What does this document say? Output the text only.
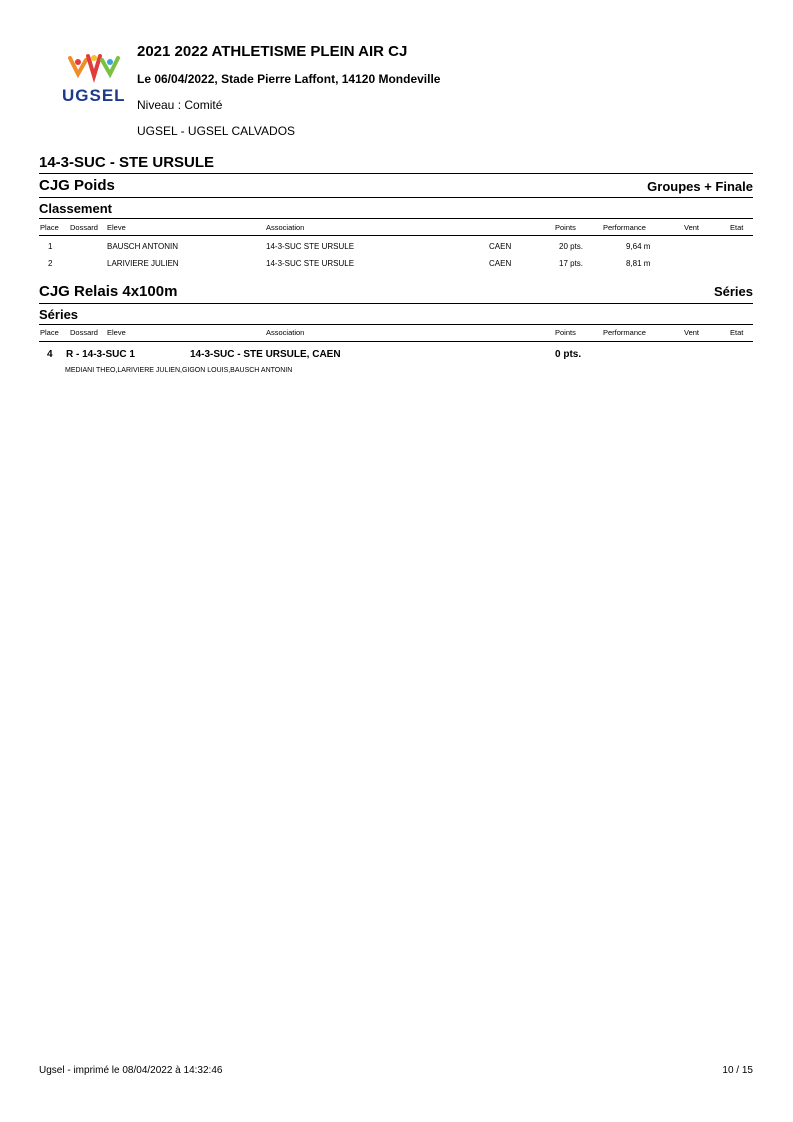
UGSEL
2021 2022 ATHLETISME PLEIN AIR CJ
Le 06/04/2022, Stade Pierre Laffont, 14120 Mondeville
Niveau : Comité
UGSEL - UGSEL CALVADOS
14-3-SUC - STE URSULE
CJG Poids	Groupes + Finale
Classement
Place Dossard Eleve	Association	Points	Performance	Vent	Etat
1	BAUSCH ANTONIN	14-3-SUC STE URSULE	CAEN	20 pts.	9,64 m
2	LARIVIERE JULIEN	14-3-SUC STE URSULE	CAEN	17 pts.	8,81 m
CJG Relais 4x100m	Séries
Séries
Place Dossard Eleve	Association	Points	Performance	Vent	Etat
4 R - 14-3-SUC 1	14-3-SUC - STE URSULE, CAEN	0 pts.
MEDIANI THEO,LARIVIERE JULIEN,GIGON LOUIS,BAUSCH ANTONIN
Ugsel - imprimé le 08/04/2022 à 14:32:46	10 / 15
